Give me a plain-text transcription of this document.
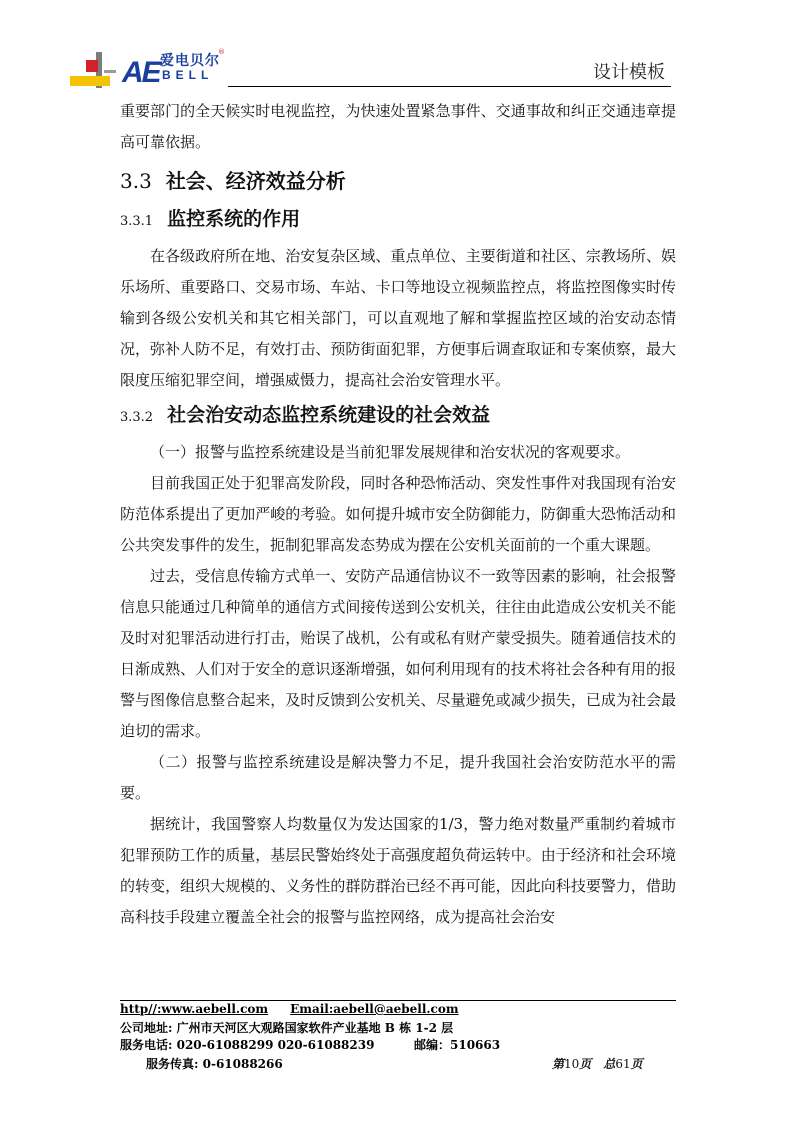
AE 爱电贝尔
BELL
®
设计模板

重要部门的全天候实时电视监控，为快速处置紧急事件、交通事故和纠正交通违章提高可靠依据。

3.3 社会、经济效益分析
3.3.1 监控系统的作用

在各级政府所在地、治安复杂区域、重点单位、主要街道和社区、宗教场所、娱乐场所、重要路口、交易市场、车站、卡口等地设立视频监控点，将监控图像实时传输到各级公安机关和其它相关部门，可以直观地了解和掌握监控区域的治安动态情况，弥补人防不足，有效打击、预防街面犯罪，方便事后调查取证和专案侦察，最大限度压缩犯罪空间，增强威慑力，提高社会治安管理水平。

3.3.2 社会治安动态监控系统建设的社会效益

（一）报警与监控系统建设是当前犯罪发展规律和治安状况的客观要求。

目前我国正处于犯罪高发阶段，同时各种恐怖活动、突发性事件对我国现有治安防范体系提出了更加严峻的考验。如何提升城市安全防御能力，防御重大恐怖活动和公共突发事件的发生，扼制犯罪高发态势成为摆在公安机关面前的一个重大课题。

过去，受信息传输方式单一、安防产品通信协议不一致等因素的影响，社会报警信息只能通过几种简单的通信方式间接传送到公安机关，往往由此造成公安机关不能及时对犯罪活动进行打击，贻误了战机，公有或私有财产蒙受损失。随着通信技术的日渐成熟、人们对于安全的意识逐渐增强，如何利用现有的技术将社会各种有用的报警与图像信息整合起来，及时反馈到公安机关、尽量避免或减少损失，已成为社会最迫切的需求。

（二）报警与监控系统建设是解决警力不足，提升我国社会治安防范水平的需要。

据统计，我国警察人均数量仅为发达国家的1/3，警力绝对数量严重制约着城市犯罪预防工作的质量，基层民警始终处于高强度超负荷运转中。由于经济和社会环境的转变，组织大规模的、义务性的群防群治已经不再可能，因此向科技要警力，借助高科技手段建立覆盖全社会的报警与监控网络，成为提高社会治安

http//:www.aebell.com Email:aebell@aebell.com
公司地址: 广州市天河区大观路国家软件产业基地 B 栋 1-2 层
服务电话: 020-61088299 020-61088239	邮编：510663
服务传真: 0-61088266	第10页　总61页
